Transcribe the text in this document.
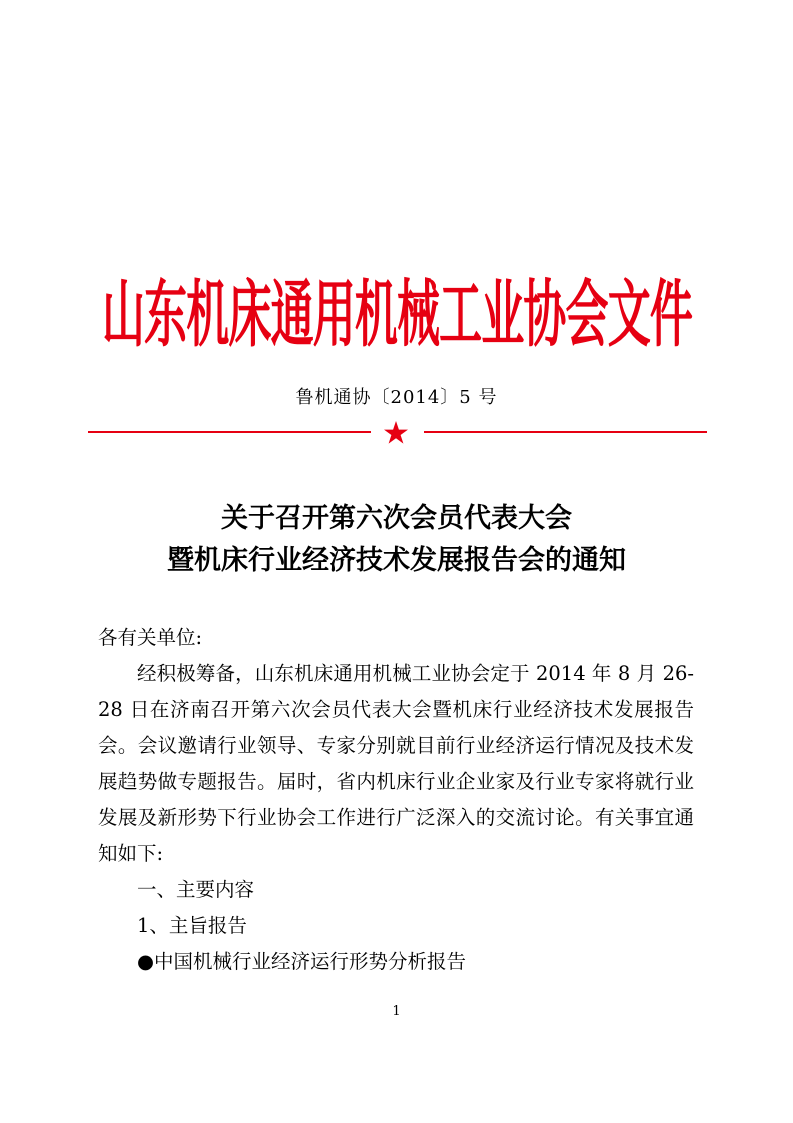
山东机床通用机械工业协会文件
鲁机通协〔2014〕5 号
关于召开第六次会员代表大会
暨机床行业经济技术发展报告会的通知
各有关单位:
经积极筹备，山东机床通用机械工业协会定于 2014 年 8 月 26-28 日在济南召开第六次会员代表大会暨机床行业经济技术发展报告会。会议邀请行业领导、专家分别就目前行业经济运行情况及技术发展趋势做专题报告。届时，省内机床行业企业家及行业专家将就行业发展及新形势下行业协会工作进行广泛深入的交流讨论。有关事宜通知如下:
一、主要内容
1、主旨报告
●中国机械行业经济运行形势分析报告
1
